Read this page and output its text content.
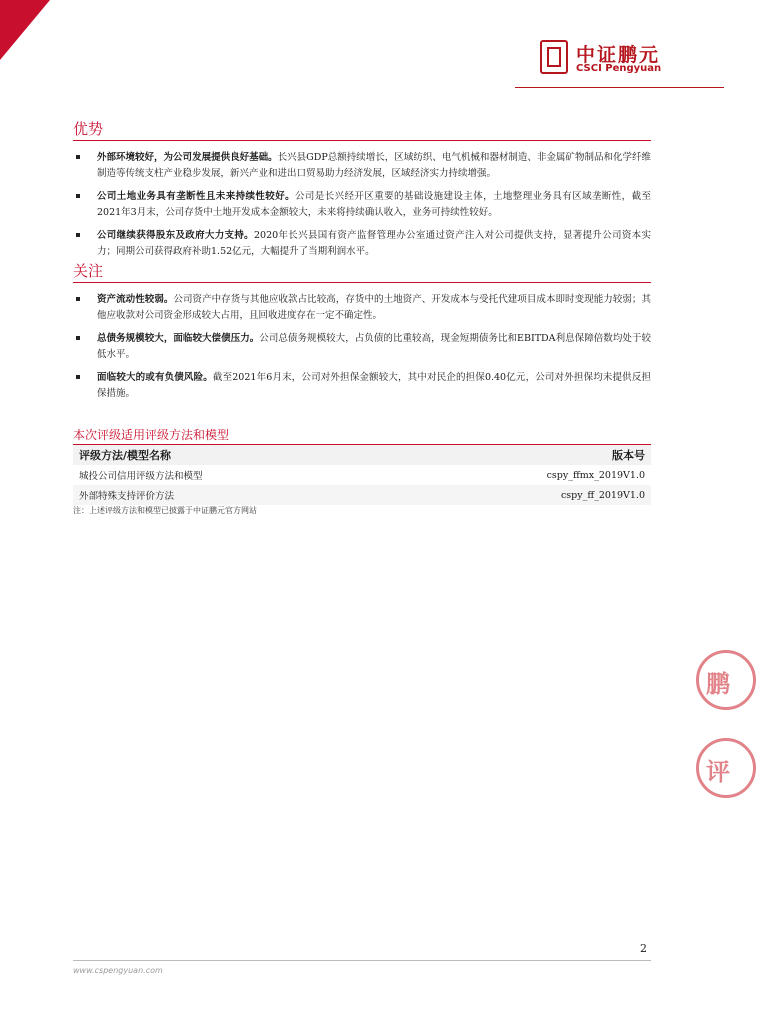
中证鹏元
CSCI Pengyuan
优势
外部环境较好，为公司发展提供良好基础。长兴县GDP总额持续增长，区域纺织、电气机械和器材制造、非金属矿物制品和化学纤维制造等传统支柱产业稳步发展，新兴产业和进出口贸易助力经济发展，区域经济实力持续增强。
公司土地业务具有垄断性且未来持续性较好。公司是长兴经开区重要的基础设施建设主体，土地整理业务具有区域垄断性，截至2021年3月末，公司存货中土地开发成本金额较大，未来将持续确认收入，业务可持续性较好。
公司继续获得股东及政府大力支持。2020年长兴县国有资产监督管理办公室通过资产注入对公司提供支持，显著提升公司资本实力；同期公司获得政府补助1.52亿元，大幅提升了当期利润水平。
关注
资产流动性较弱。公司资产中存货与其他应收款占比较高，存货中的土地资产、开发成本与受托代建项目成本即时变现能力较弱；其他应收款对公司资金形成较大占用，且回收进度存在一定不确定性。
总债务规模较大，面临较大偿债压力。公司总债务规模较大，占负债的比重较高，现金短期债务比和EBITDA利息保障倍数均处于较低水平。
面临较大的或有负债风险。截至2021年6月末，公司对外担保金额较大，其中对民企的担保0.40亿元，公司对外担保均未提供反担保措施。
本次评级适用评级方法和模型
评级方法/模型名称	版本号
城投公司信用评级方法和模型	cspy_ffmx_2019V1.0
外部特殊支持评价方法	cspy_ff_2019V1.0
注：上述评级方法和模型已披露于中证鹏元官方网站
鹏
评
2
www.cspengyuan.com
